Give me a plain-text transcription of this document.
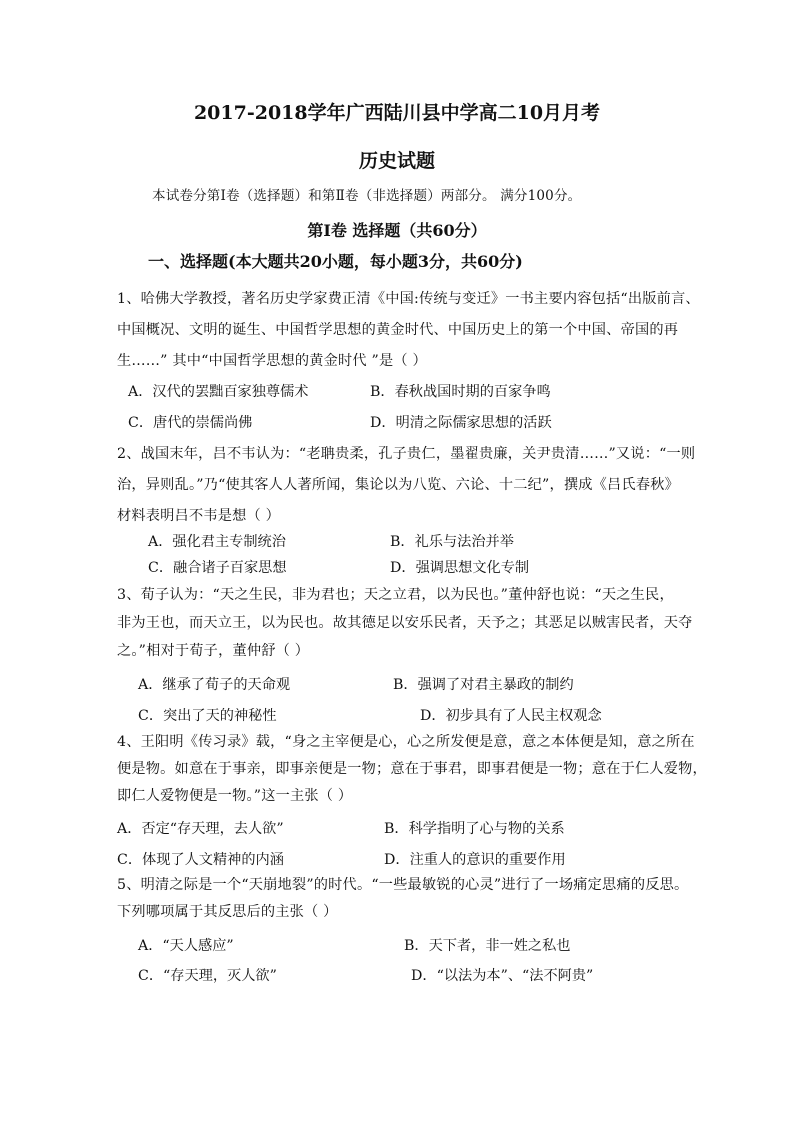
2017-2018学年广西陆川县中学高二10月月考
历史试题
本试卷分第Ⅰ卷（选择题）和第Ⅱ卷（非选择题）两部分。 满分100分。
第Ⅰ卷 选择题（共60分）
一、选择题(本大题共20小题，每小题3分，共60分)
1、哈佛大学教授，著名历史学家费正清《中国:传统与变迁》一书主要内容包括“出版前言、
中国概况、文明的诞生、中国哲学思想的黄金时代、中国历史上的第一个中国、帝国的再
生……” 其中“中国哲学思想的黄金时代 ”是（ ）
A．汉代的罢黜百家独尊儒术	B．春秋战国时期的百家争鸣
C．唐代的崇儒尚佛	D．明清之际儒家思想的活跃
2、战国末年，吕不韦认为：“老聃贵柔，孔子贵仁，墨翟贵廉，关尹贵清……”又说：“一则
治，异则乱。”乃“使其客人人著所闻，集论以为八览、六论、十二纪”，撰成《吕氏春秋》
材料表明吕不韦是想（ ）
A．强化君主专制统治	B．礼乐与法治并举
C．融合诸子百家思想	D．强调思想文化专制
3、荀子认为：“天之生民，非为君也；天之立君，以为民也。”董仲舒也说：“天之生民，
非为王也，而天立王，以为民也。故其德足以安乐民者，天予之；其恶足以贼害民者，天夺
之。”相对于荀子，董仲舒（ ）
A．继承了荀子的天命观	B．强调了对君主暴政的制约
C．突出了天的神秘性	D．初步具有了人民主权观念
4、王阳明《传习录》载，“身之主宰便是心，心之所发便是意，意之本体便是知，意之所在
便是物。如意在于事亲，即事亲便是一物；意在于事君，即事君便是一物；意在于仁人爱物，
即仁人爱物便是一物。”这一主张（ ）
A．否定“存天理，去人欲”	B．科学指明了心与物的关系
C．体现了人文精神的内涵	D．注重人的意识的重要作用
5、明清之际是一个“天崩地裂”的时代。“一些最敏锐的心灵”进行了一场痛定思痛的反思。
下列哪项属于其反思后的主张（ ）
A．“天人感应”	B．天下者，非一姓之私也
C．“存天理，灭人欲”	D．“以法为本”、“法不阿贵”
